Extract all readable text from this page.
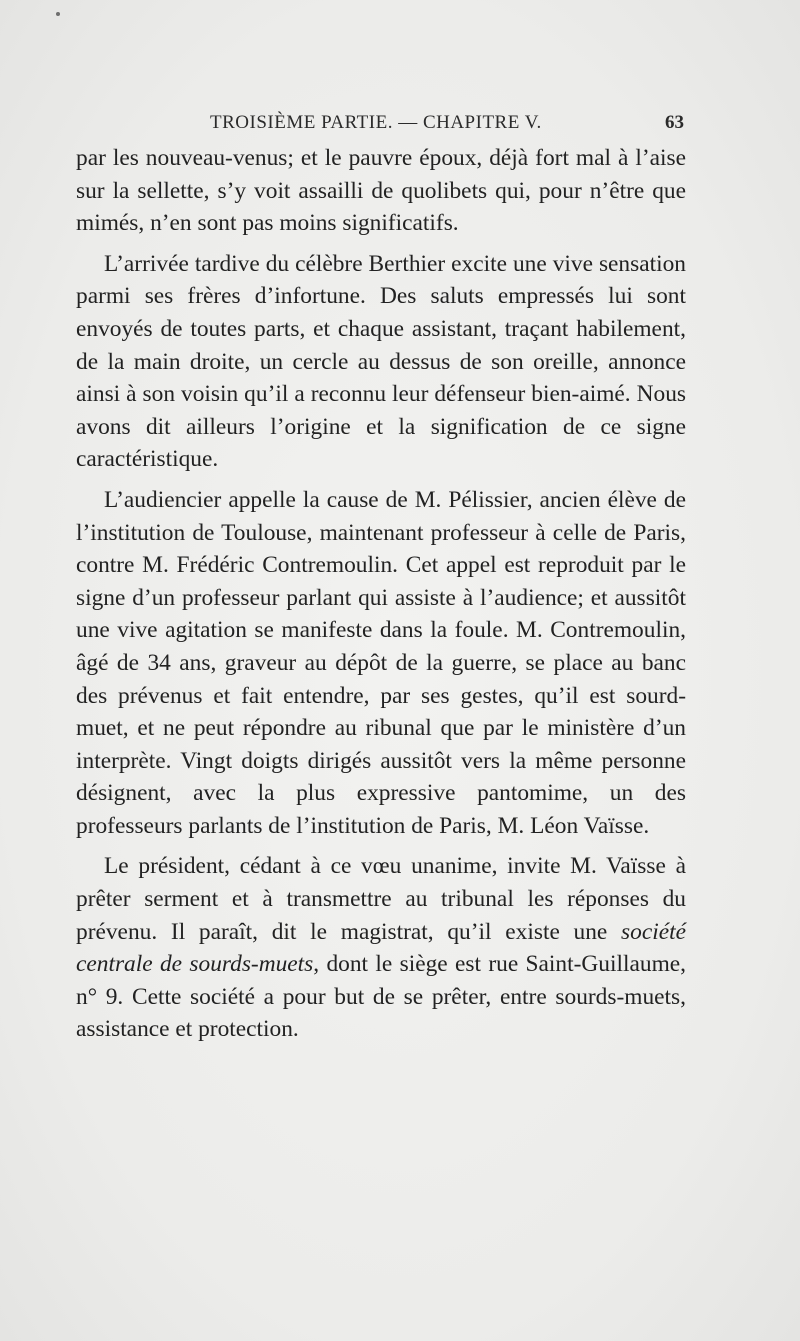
TROISIÈME PARTIE. — CHAPITRE V.	63

par les nouveau-venus; et le pauvre époux, déjà fort mal à l’aise sur la sellette, s’y voit assailli de quolibets qui, pour n’être que mimés, n’en sont pas moins significatifs.

L’arrivée tardive du célèbre Berthier excite une vive sensation parmi ses frères d’infortune. Des saluts empressés lui sont envoyés de toutes parts, et chaque assistant, traçant habilement, de la main droite, un cercle au dessus de son oreille, annonce ainsi à son voisin qu’il a reconnu leur défenseur bien-aimé. Nous avons dit ailleurs l’origine et la signification de ce signe caractéristique.

L’audiencier appelle la cause de M. Pélissier, ancien élève de l’institution de Toulouse, maintenant professeur à celle de Paris, contre M. Frédéric Contremoulin. Cet appel est reproduit par le signe d’un professeur parlant qui assiste à l’audience; et aussitôt une vive agitation se manifeste dans la foule. M. Contremoulin, âgé de 34 ans, graveur au dépôt de la guerre, se place au banc des prévenus et fait entendre, par ses gestes, qu’il est sourd-muet, et ne peut répondre au ribunal que par le ministère d’un interprète. Vingt doigts dirigés aussitôt vers la même personne désignent, avec la plus expressive pantomime, un des professeurs parlants de l’institution de Paris, M. Léon Vaïsse.

Le président, cédant à ce vœu unanime, invite M. Vaïsse à prêter serment et à transmettre au tribunal les réponses du prévenu. Il paraît, dit le magistrat, qu’il existe une société centrale de sourds-muets, dont le siège est rue Saint-Guillaume, n° 9. Cette société a pour but de se prêter, entre sourds-muets, assistance et protection.
